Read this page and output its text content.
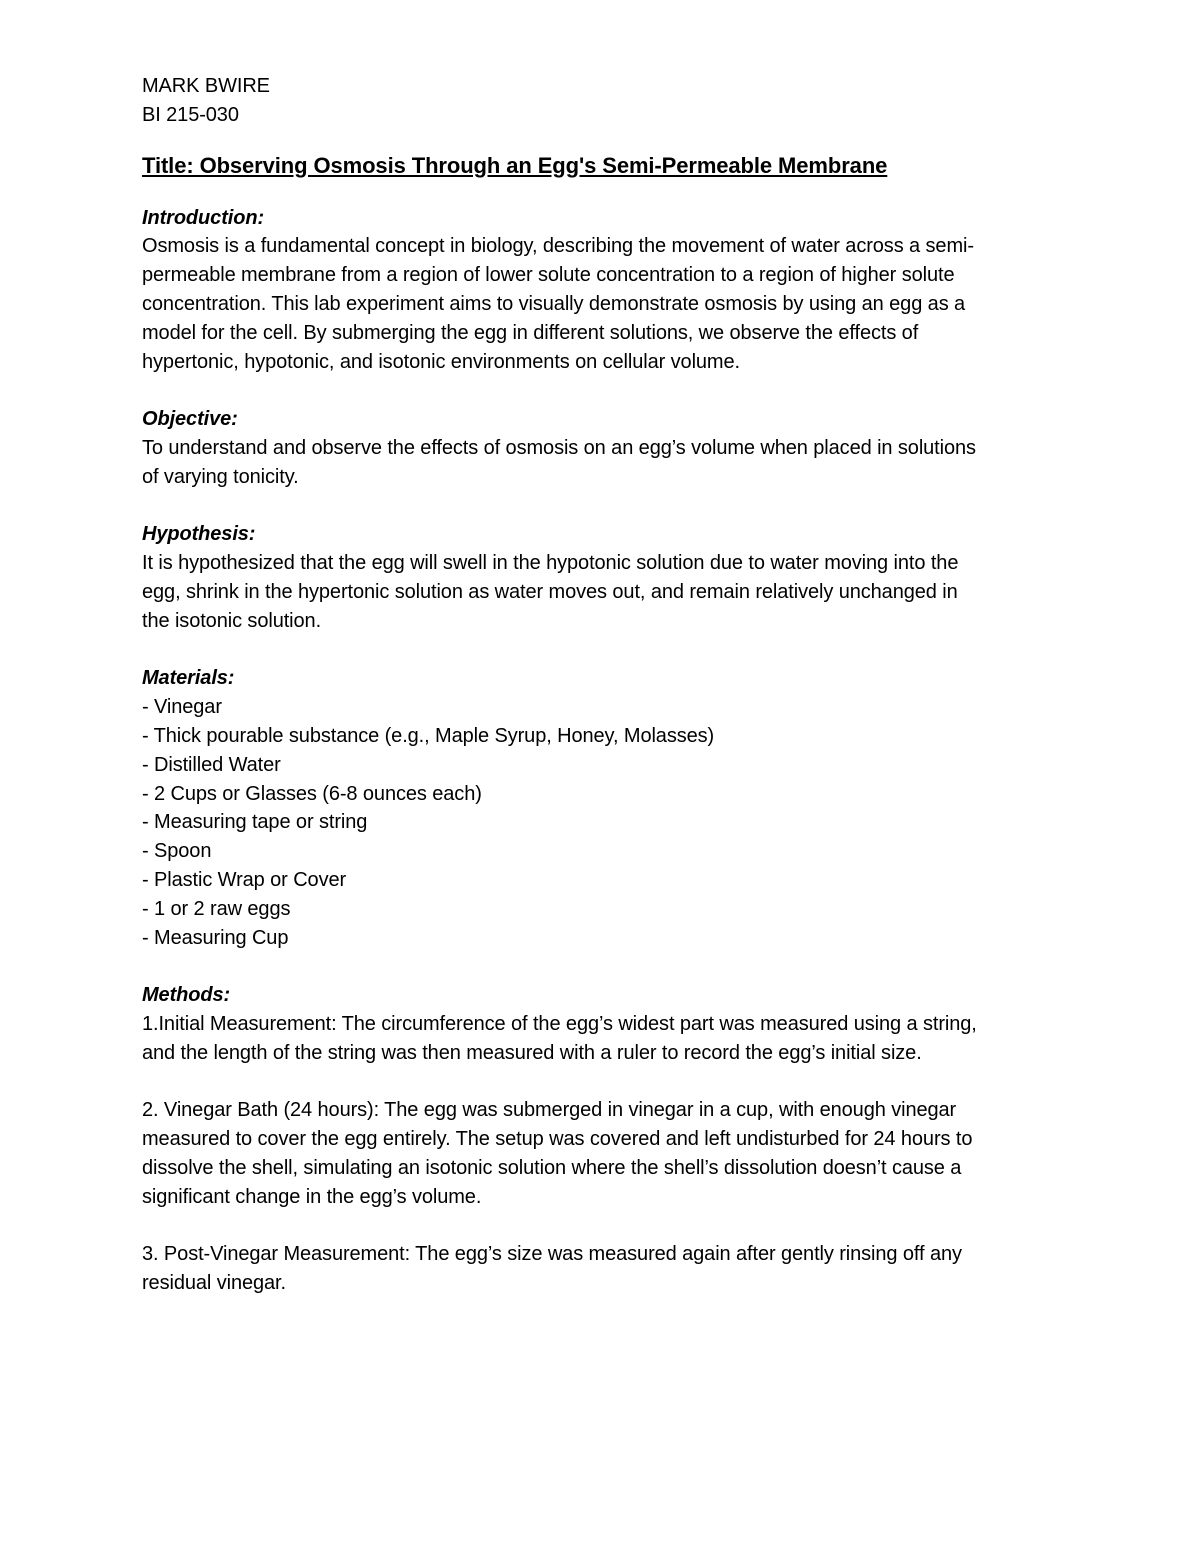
MARK BWIRE

BI 215-030

Title: Observing Osmosis Through an Egg's Semi-Permeable Membrane

Introduction:

Osmosis is a fundamental concept in biology, describing the movement of water across a semi-

permeable membrane from a region of lower solute concentration to a region of higher solute

concentration. This lab experiment aims to visually demonstrate osmosis by using an egg as a

model for the cell. By submerging the egg in different solutions, we observe the effects of

hypertonic, hypotonic, and isotonic environments on cellular volume.

Objective:

To understand and observe the effects of osmosis on an egg’s volume when placed in solutions

of varying tonicity.

Hypothesis:

It is hypothesized that the egg will swell in the hypotonic solution due to water moving into the

egg, shrink in the hypertonic solution as water moves out, and remain relatively unchanged in

the isotonic solution.

Materials:

- Vinegar
- Thick pourable substance (e.g., Maple Syrup, Honey, Molasses)
- Distilled Water
- 2 Cups or Glasses (6-8 ounces each)
- Measuring tape or string
- Spoon
- Plastic Wrap or Cover
- 1 or 2 raw eggs
- Measuring Cup

Methods:

1.Initial Measurement: The circumference of the egg’s widest part was measured using a string,

and the length of the string was then measured with a ruler to record the egg’s initial size.

2. Vinegar Bath (24 hours): The egg was submerged in vinegar in a cup, with enough vinegar

measured to cover the egg entirely. The setup was covered and left undisturbed for 24 hours to

dissolve the shell, simulating an isotonic solution where the shell’s dissolution doesn’t cause a

significant change in the egg’s volume.

3. Post-Vinegar Measurement: The egg’s size was measured again after gently rinsing off any

residual vinegar.
